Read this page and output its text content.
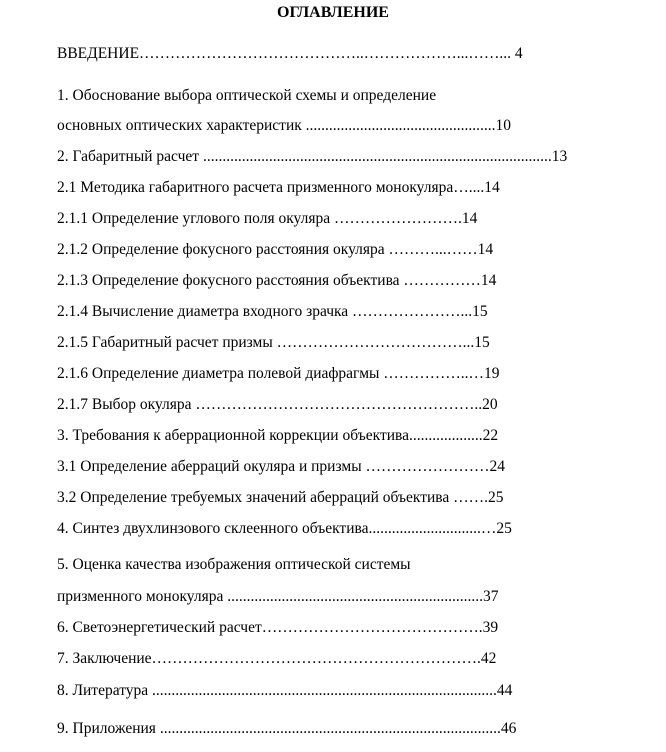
ОГЛАВЛЕНИЕ
ВВЕДЕНИЕ……………………………………..………………...……... 4
1. Обоснование выбора оптической схемы и определение
основных оптических характеристик .................................................10
2. Габаритный расчет ..........................................................................................13
2.1 Методика габаритного расчета призменного монокуляра…....14
2.1.1 Определение углового поля окуляра …………………….14
2.1.2 Определение фокусного расстояния окуляра ………...……14
2.1.3 Определение фокусного расстояния объектива ……………14
2.1.4 Вычисление диаметра входного зрачка …………………...15
2.1.5 Габаритный расчет призмы ………………………………...15
2.1.6 Определение диаметра полевой диафрагмы ……………..…19
2.1.7 Выбор окуляра ………………………………………………..20
3. Требования к аберрационной коррекции объектива...................22
3.1 Определение аберраций окуляра и призмы ……………………24
3.2 Определение требуемых значений аберраций объектива …….25
4. Синтез двухлинзового склеенного объектива.............................…25
5. Оценка качества изображения оптической системы
призменного монокуляра ..................................................................37
6. Светоэнергетический расчет…………………………………….39
7. Заключение……………………………………………………….42
8. Литература .........................................................................................44
9. Приложения ........................................................................................46
